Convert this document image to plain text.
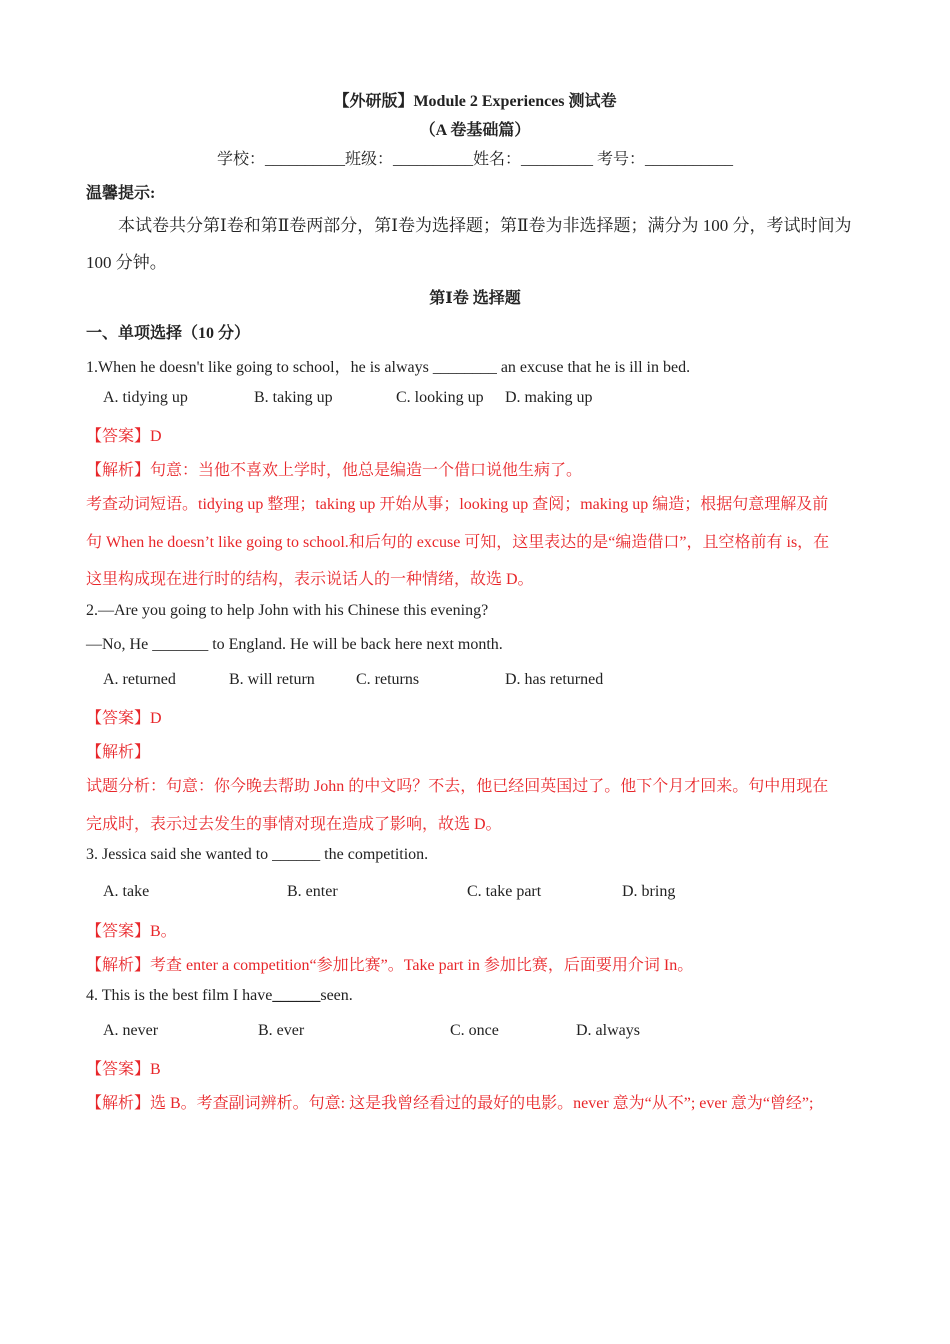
【外研版】Module 2 Experiences 测试卷
（A 卷基础篇）
学校：__________班级：__________姓名：_________ 考号：___________
温馨提示:
本试卷共分第Ⅰ卷和第Ⅱ卷两部分，第Ⅰ卷为选择题；第Ⅱ卷为非选择题；满分为 100 分，考试时间为
100 分钟。
第Ⅰ卷 选择题
一、单项选择（10 分）
1.When he doesn't like going to school，he is always ________ an excuse that he is ill in bed.
A. tidying up	B. taking up	C. looking up D. making up
【答案】D
【解析】句意：当他不喜欢上学时，他总是编造一个借口说他生病了。
考查动词短语。tidying up 整理；taking up 开始从事；looking up 查阅；making up 编造；根据句意理解及前
句 When he doesn’t like going to school.和后句的 excuse 可知，这里表达的是“编造借口”，且空格前有 is，在
这里构成现在进行时的结构，表示说话人的一种情绪，故选 D。
2.—Are you going to help John with his Chinese this evening?
—No, He _______ to England. He will be back here next month.
A. returned	B. will return	C. returns	D. has returned
【答案】D
【解析】
试题分析：句意：你今晚去帮助 John 的中文吗？不去，他已经回英国过了。他下个月才回来。句中用现在
完成时，表示过去发生的事情对现在造成了影响，故选 D。
3. Jessica said she wanted to ______ the competition.
A. take	B. enter	C. take part	D. bring
【答案】B。
【解析】考查 enter a competition“参加比赛”。Take part in 参加比赛，后面要用介词 In。
4. This is the best film I have______seen.
A. never	B. ever	C. once	D. always
【答案】B
【解析】选 B。考查副词辨析。句意: 这是我曾经看过的最好的电影。never 意为“从不”; ever 意为“曾经”;
